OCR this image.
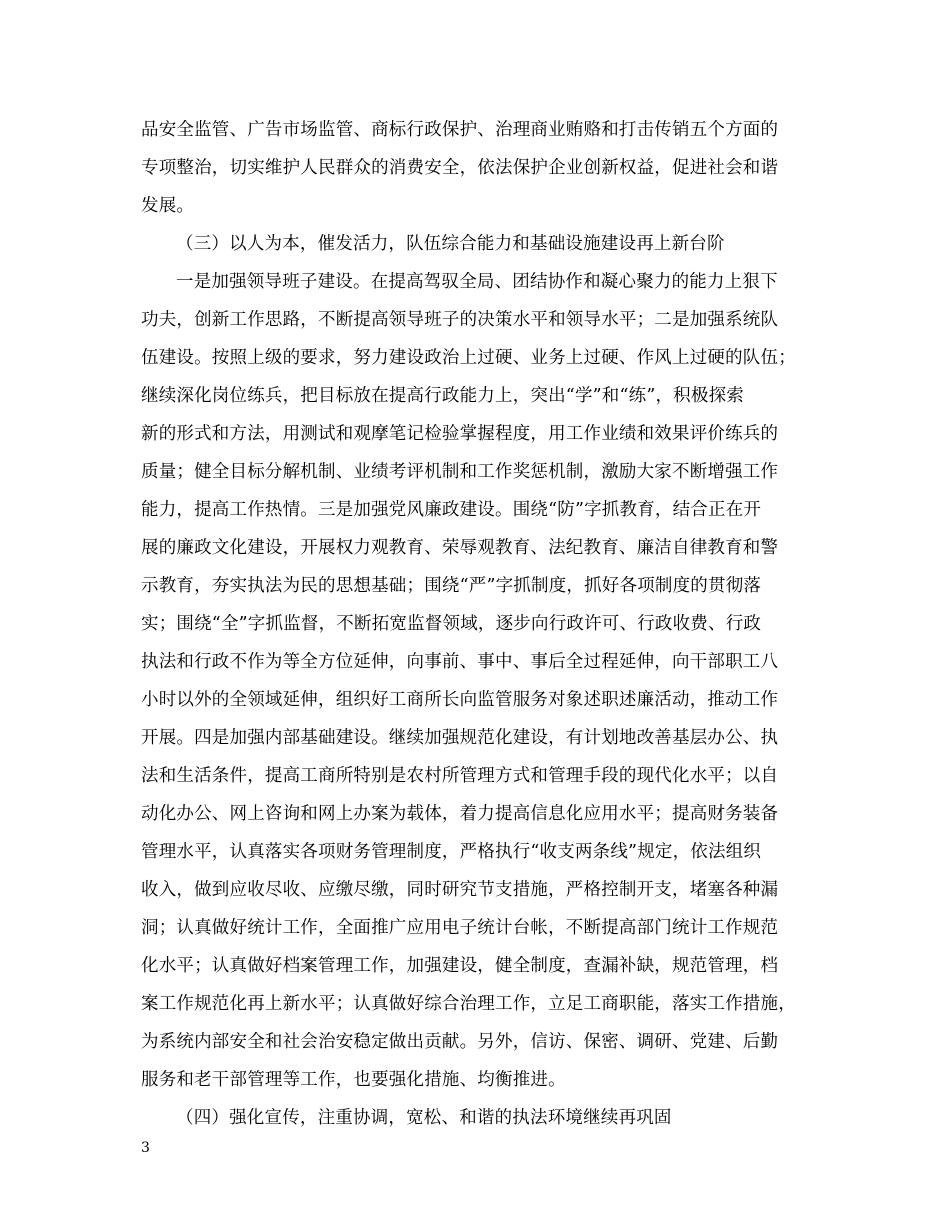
品安全监管、广告市场监管、商标行政保护、治理商业贿赂和打击传销五个方面的
专项整治，切实维护人民群众的消费安全，依法保护企业创新权益，促进社会和谐
发展。
（三）以人为本，催发活力，队伍综合能力和基础设施建设再上新台阶
一是加强领导班子建设。在提高驾驭全局、团结协作和凝心聚力的能力上狠下
功夫，创新工作思路，不断提高领导班子的决策水平和领导水平；二是加强系统队
伍建设。按照上级的要求，努力建设政治上过硬、业务上过硬、作风上过硬的队伍；
继续深化岗位练兵，把目标放在提高行政能力上，突出“学”和“练”，积极探索
新的形式和方法，用测试和观摩笔记检验掌握程度，用工作业绩和效果评价练兵的
质量；健全目标分解机制、业绩考评机制和工作奖惩机制，激励大家不断增强工作
能力，提高工作热情。三是加强党风廉政建设。围绕“防”字抓教育，结合正在开
展的廉政文化建设，开展权力观教育、荣辱观教育、法纪教育、廉洁自律教育和警
示教育，夯实执法为民的思想基础；围绕“严”字抓制度，抓好各项制度的贯彻落
实；围绕“全”字抓监督，不断拓宽监督领域，逐步向行政许可、行政收费、行政
执法和行政不作为等全方位延伸，向事前、事中、事后全过程延伸，向干部职工八
小时以外的全领域延伸，组织好工商所长向监管服务对象述职述廉活动，推动工作
开展。四是加强内部基础建设。继续加强规范化建设，有计划地改善基层办公、执
法和生活条件，提高工商所特别是农村所管理方式和管理手段的现代化水平；以自
动化办公、网上咨询和网上办案为载体，着力提高信息化应用水平；提高财务装备
管理水平，认真落实各项财务管理制度，严格执行“收支两条线”规定，依法组织
收入，做到应收尽收、应缴尽缴，同时研究节支措施，严格控制开支，堵塞各种漏
洞；认真做好统计工作，全面推广应用电子统计台帐，不断提高部门统计工作规范
化水平；认真做好档案管理工作，加强建设，健全制度，查漏补缺，规范管理，档
案工作规范化再上新水平；认真做好综合治理工作，立足工商职能，落实工作措施，
为系统内部安全和社会治安稳定做出贡献。另外，信访、保密、调研、党建、后勤
服务和老干部管理等工作，也要强化措施、均衡推进。
（四）强化宣传，注重协调，宽松、和谐的执法环境继续再巩固
3
